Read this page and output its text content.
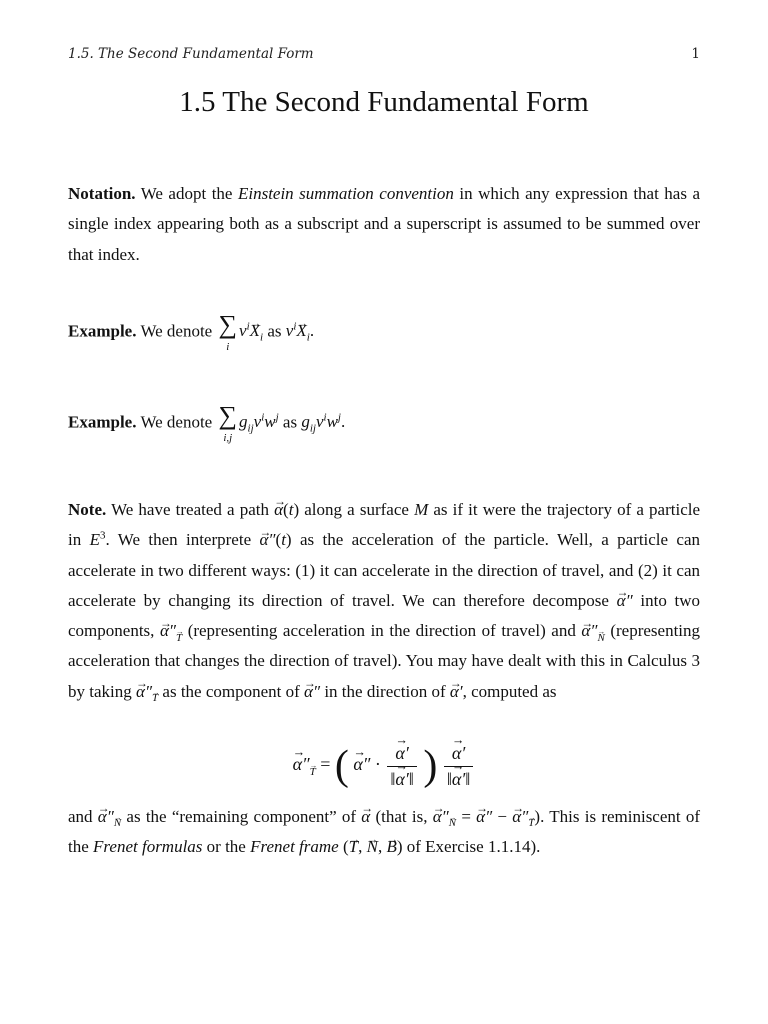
1.5. The Second Fundamental Form	1
1.5 The Second Fundamental Form
Notation. We adopt the Einstein summation convention in which any expression that has a single index appearing both as a subscript and a superscript is assumed to be summed over that index.
Example. We denote ∑
i
$v^i\to X_i$ as $v^i\to X_i$.
Example. We denote ∑
i,j
$g_{ij}v^iw^j$ as $g_{ij}v^iw^j$.
Note. We have treated a path → α(t) along a surface M as if it were the trajectory of a particle in $E^3$. We then interprete → α″(t) as the acceleration of the particle. Well, a particle can accelerate in two different ways: (1) it can accelerate in the direction of travel, and (2) it can accelerate by changing its direction of travel. We can therefore decompose → α″ into two components, → $\alpha''_T$ (representing acceleration in the direction of travel) and → $\alpha''_N$ (representing acceleration that changes the direction of travel). You may have dealt with this in Calculus 3 by taking → $\alpha''_T$ as the component of → α″ in the direction of → α′, computed as
→ $\alpha''_T$ = ( → α″ · → $\frac{\alpha'}{‖\to \alpha'‖}$ ) → $\frac{\alpha'}{‖\to \alpha'‖}$
and → $\alpha''_N$ as the “remaining component” of → α (that is, → $\alpha''_N$ = → α″ − → $\alpha''_T$). This is reminiscent of the Frenet formulas or the Frenet frame (→ T, → N, → B) of Exercise 1.1.14).
